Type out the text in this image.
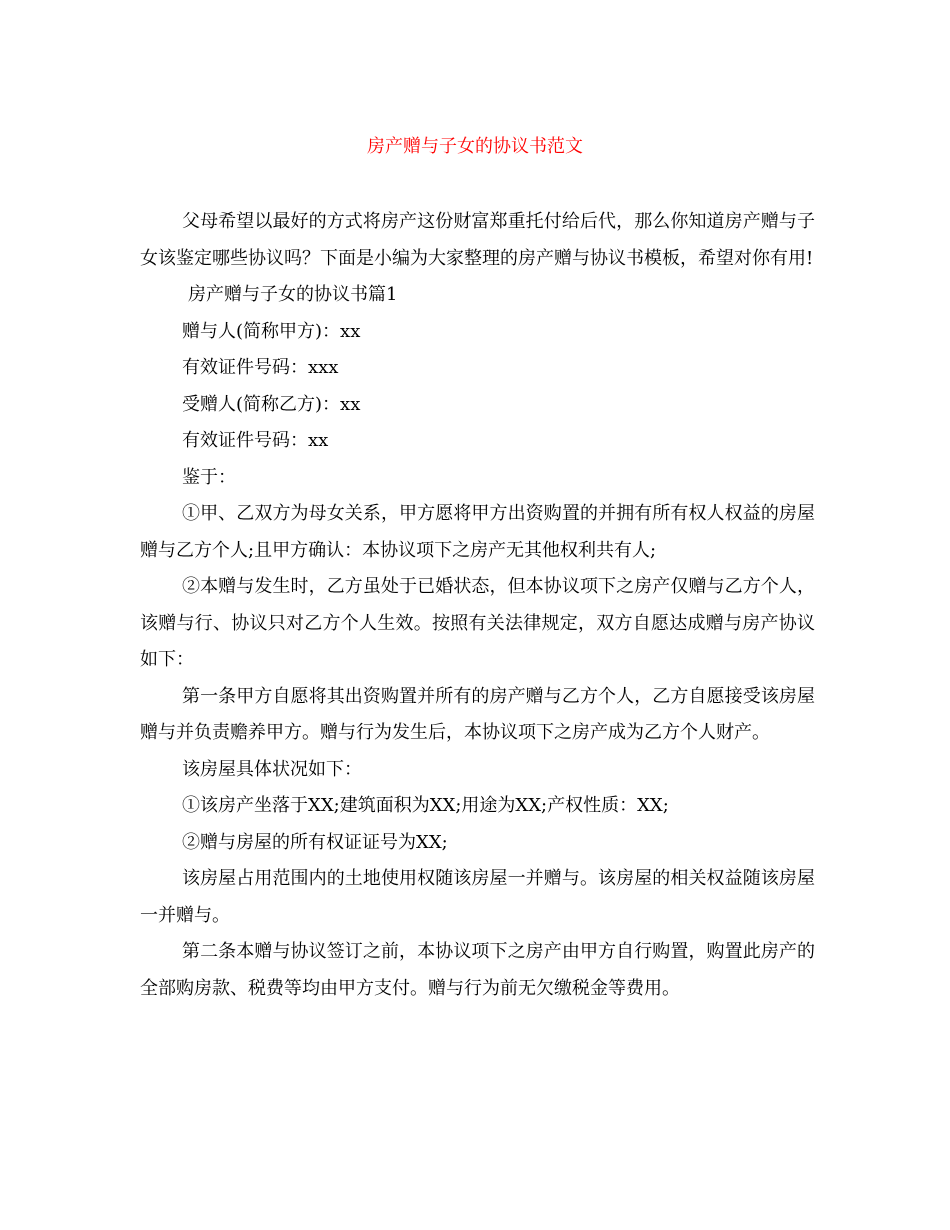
房产赠与子女的协议书范文

父母希望以最好的方式将房产这份财富郑重托付给后代，那么你知道房产赠与子女该鉴定哪些协议吗？下面是小编为大家整理的房产赠与协议书模板，希望对你有用!

房产赠与子女的协议书篇1

赠与人(简称甲方)：xx

有效证件号码：xxx

受赠人(简称乙方)：xx

有效证件号码：xx

鉴于：

①甲、乙双方为母女关系，甲方愿将甲方出资购置的并拥有所有权人权益的房屋赠与乙方个人;且甲方确认：本协议项下之房产无其他权利共有人;

②本赠与发生时，乙方虽处于已婚状态，但本协议项下之房产仅赠与乙方个人，该赠与行、协议只对乙方个人生效。按照有关法律规定，双方自愿达成赠与房产协议如下：

第一条甲方自愿将其出资购置并所有的房产赠与乙方个人，乙方自愿接受该房屋赠与并负责赡养甲方。赠与行为发生后，本协议项下之房产成为乙方个人财产。

该房屋具体状况如下：

①该房产坐落于XX;建筑面积为XX;用途为XX;产权性质：XX;

②赠与房屋的所有权证证号为XX;

该房屋占用范围内的土地使用权随该房屋一并赠与。该房屋的相关权益随该房屋一并赠与。

第二条本赠与协议签订之前，本协议项下之房产由甲方自行购置，购置此房产的全部购房款、税费等均由甲方支付。赠与行为前无欠缴税金等费用。
